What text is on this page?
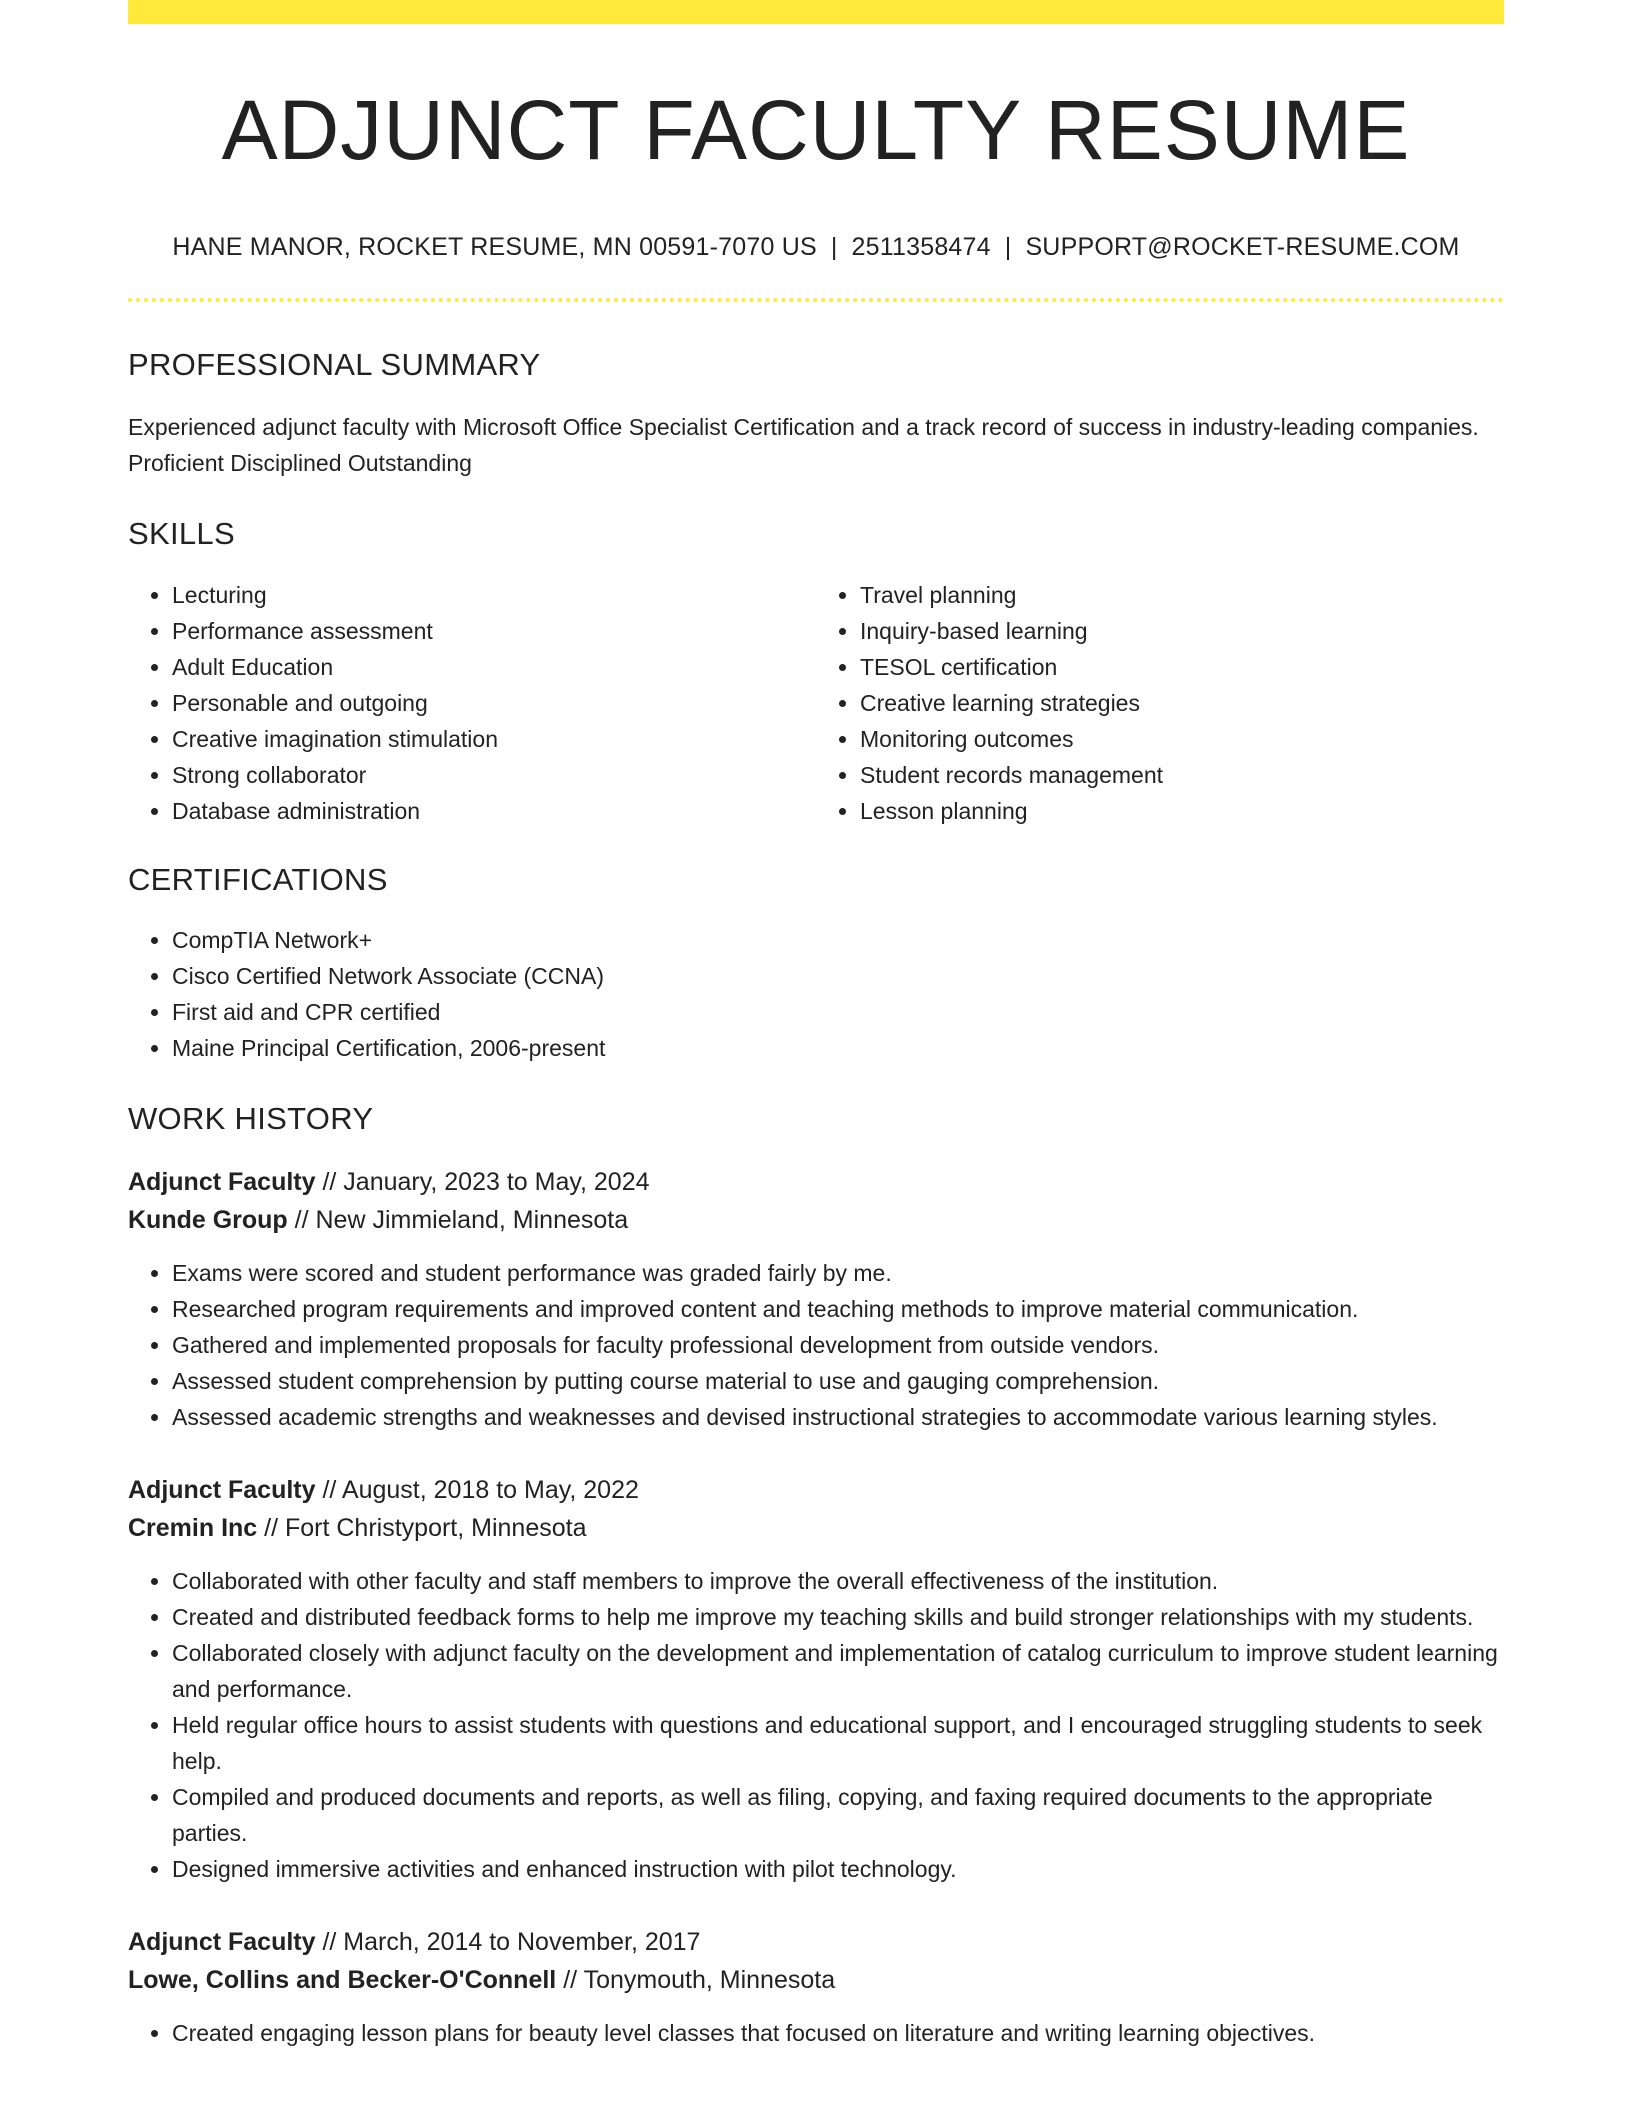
ADJUNCT FACULTY RESUME
HANE MANOR, ROCKET RESUME, MN 00591-7070 US | 2511358474 | SUPPORT@ROCKET-RESUME.COM
PROFESSIONAL SUMMARY

Experienced adjunct faculty with Microsoft Office Specialist Certification and a track record of success in industry-leading companies. Proficient Disciplined Outstanding

SKILLS
• Lecturing
• Performance assessment
• Adult Education
• Personable and outgoing
• Creative imagination stimulation
• Strong collaborator
• Database administration
• Travel planning
• Inquiry-based learning
• TESOL certification
• Creative learning strategies
• Monitoring outcomes
• Student records management
• Lesson planning
CERTIFICATIONS
• CompTIA Network+
• Cisco Certified Network Associate (CCNA)
• First aid and CPR certified
• Maine Principal Certification, 2006-present
WORK HISTORY
Adjunct Faculty // January, 2023 to May, 2024
Kunde Group // New Jimmieland, Minnesota
• Exams were scored and student performance was graded fairly by me.
• Researched program requirements and improved content and teaching methods to improve material communication.
• Gathered and implemented proposals for faculty professional development from outside vendors.
• Assessed student comprehension by putting course material to use and gauging comprehension.
• Assessed academic strengths and weaknesses and devised instructional strategies to accommodate various learning styles.
Adjunct Faculty // August, 2018 to May, 2022
Cremin Inc // Fort Christyport, Minnesota
• Collaborated with other faculty and staff members to improve the overall effectiveness of the institution.
• Created and distributed feedback forms to help me improve my teaching skills and build stronger relationships with my students.
• Collaborated closely with adjunct faculty on the development and implementation of catalog curriculum to improve student learning and performance.
• Held regular office hours to assist students with questions and educational support, and I encouraged struggling students to seek help.
• Compiled and produced documents and reports, as well as filing, copying, and faxing required documents to the appropriate parties.
• Designed immersive activities and enhanced instruction with pilot technology.
Adjunct Faculty // March, 2014 to November, 2017
Lowe, Collins and Becker-O'Connell // Tonymouth, Minnesota
• Created engaging lesson plans for beauty level classes that focused on literature and writing learning objectives.
